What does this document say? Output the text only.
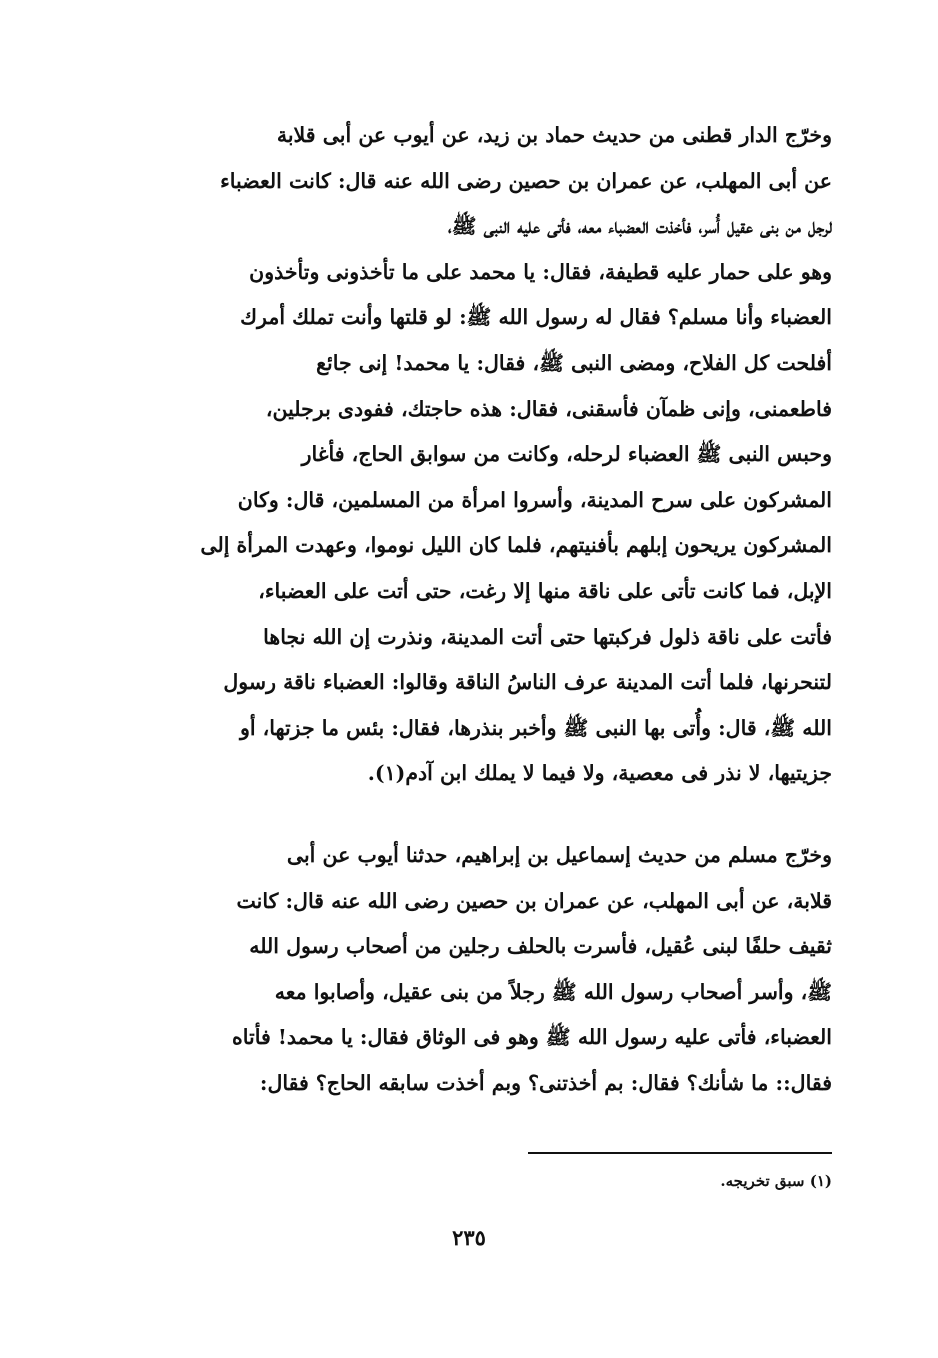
وخرّج الدار قطنى من حديث حماد بن زيد، عن أيوب عن أبى قلابة
عن أبى المهلب، عن عمران بن حصين رضى الله عنه قال: كانت العضباء
لرجل من بنى عقيل أُسر، فأخذت العضباء معه، فأتى عليه النبى ﷺ،
وهو على حمار عليه قطيفة، فقال: يا محمد على ما تأخذونى وتأخذون
العضباء وأنا مسلم؟ فقال له رسول الله ﷺ: لو قلتها وأنت تملك أمرك
أفلحت كل الفلاح، ومضى النبى ﷺ، فقال: يا محمد! إنى جائع
فاطعمنى، وإنى ظمآن فأسقنى، فقال: هذه حاجتك، ففودى برجلين،
وحبس النبى ﷺ العضباء لرحله، وكانت من سوابق الحاج، فأغار
المشركون على سرح المدينة، وأسروا امرأة من المسلمين، قال: وكان
المشركون يريحون إبلهم بأفنيتهم، فلما كان الليل نوموا، وعهدت المرأة إلى
الإبل، فما كانت تأتى على ناقة منها إلا رغت، حتى أتت على العضباء،
فأتت على ناقة ذلول فركبتها حتى أتت المدينة، ونذرت إن الله نجاها
لتنحرنها، فلما أتت المدينة عرف الناسُ الناقة وقالوا: العضباء ناقة رسول
الله ﷺ، قال: وأُتى بها النبى ﷺ وأخبر بنذرها، فقال: بئس ما جزتها، أو
جزيتيها، لا نذر فى معصية، ولا فيما لا يملك ابن آدم(١).
وخرّج مسلم من حديث إسماعيل بن إبراهيم، حدثنا أيوب عن أبى
قلابة، عن أبى المهلب، عن عمران بن حصين رضى الله عنه قال: كانت
ثقيف حلفًا لبنى عُقيل، فأسرت بالحلف رجلين من أصحاب رسول الله
ﷺ، وأسر أصحاب رسول الله ﷺ رجلاً من بنى عقيل، وأصابوا معه
العضباء، فأتى عليه رسول الله ﷺ وهو فى الوثاق فقال: يا محمد! فأتاه
فقال:: ما شأنك؟ فقال: بم أخذتنى؟ وبم أخذت سابقه الحاج؟ فقال:
(١) سبق تخريجه.
٢٣٥
